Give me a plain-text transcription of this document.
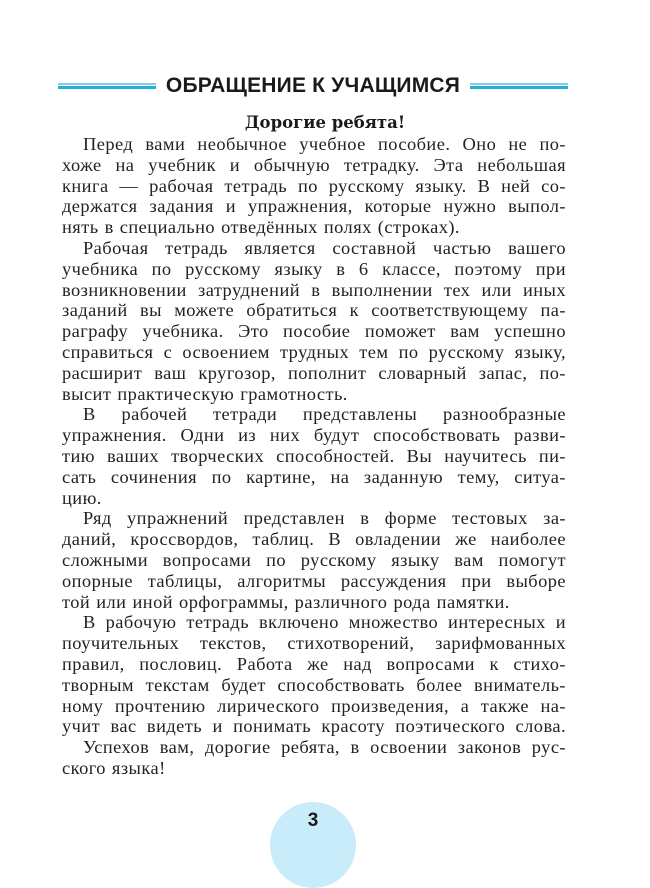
ОБРАЩЕНИЕ К УЧАЩИМСЯ
Дорогие ребята!

Перед вами необычное учебное пособие. Оно не по-
хоже на учебник и обычную тетрадку. Эта небольшая
книга — рабочая тетрадь по русскому языку. В ней со-
держатся задания и упражнения, которые нужно выпол-
нять в специально отведённых полях (строках).

Рабочая тетрадь является составной частью вашего
учебника по русскому языку в 6 классе, поэтому при
возникновении затруднений в выполнении тех или иных
заданий вы можете обратиться к соответствующему па-
раграфу учебника. Это пособие поможет вам успешно
справиться с освоением трудных тем по русскому языку,
расширит ваш кругозор, пополнит словарный запас, по-
высит практическую грамотность.

В рабочей тетради представлены разнообразные
упражнения. Одни из них будут способствовать разви-
тию ваших творческих способностей. Вы научитесь пи-
сать сочинения по картине, на заданную тему, ситуа-
цию.

Ряд упражнений представлен в форме тестовых за-
даний, кроссвордов, таблиц. В овладении же наиболее
сложными вопросами по русскому языку вам помогут
опорные таблицы, алгоритмы рассуждения при выборе
той или иной орфограммы, различного рода памятки.

В рабочую тетрадь включено множество интересных и
поучительных текстов, стихотворений, зарифмованных
правил, пословиц. Работа же над вопросами к стихо-
творным текстам будет способствовать более вниматель-
ному прочтению лирического произведения, а также на-
учит вас видеть и понимать красоту поэтического слова.

Успехов вам, дорогие ребята, в освоении законов рус-
ского языка!

3
